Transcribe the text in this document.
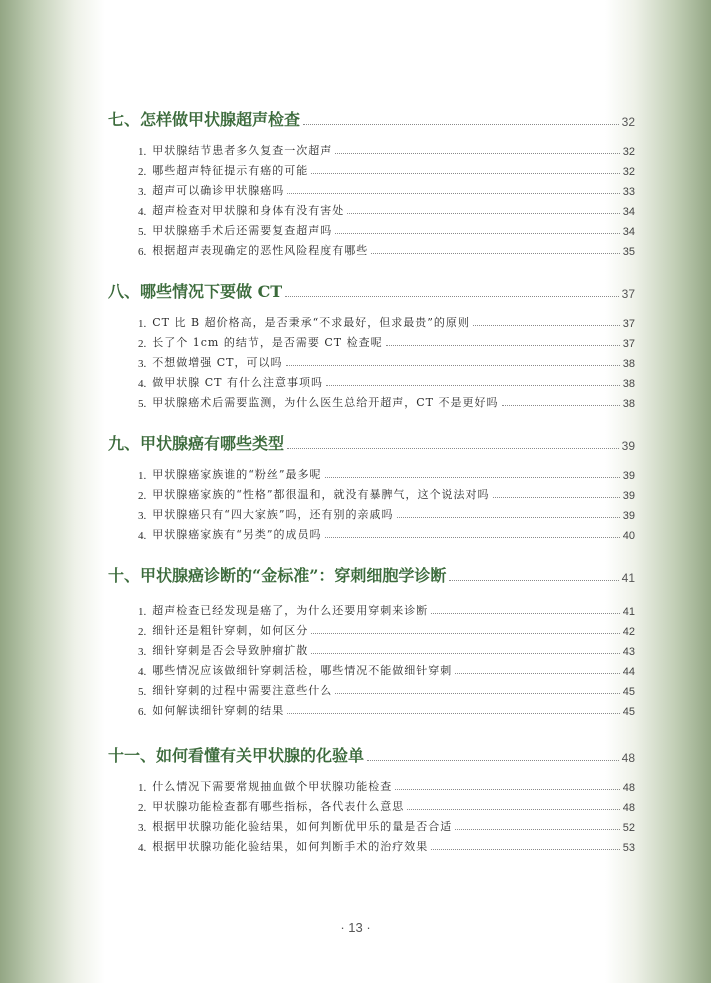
七、怎样做甲状腺超声检查	32
1. 甲状腺结节患者多久复查一次超声	32
2. 哪些超声特征提示有癌的可能	32
3. 超声可以确诊甲状腺癌吗	33
4. 超声检查对甲状腺和身体有没有害处	34
5. 甲状腺癌手术后还需要复查超声吗	34
6. 根据超声表现确定的恶性风险程度有哪些	35
八、哪些情况下要做 CT	37
1. CT 比 B 超价格高，是否秉承“不求最好，但求最贵”的原则	37
2. 长了个 1cm 的结节，是否需要 CT 检查呢	37
3. 不想做增强 CT，可以吗	38
4. 做甲状腺 CT 有什么注意事项吗	38
5. 甲状腺癌术后需要监测，为什么医生总给开超声，CT 不是更好吗	38
九、甲状腺癌有哪些类型	39
1. 甲状腺癌家族谁的“粉丝”最多呢	39
2. 甲状腺癌家族的“性格”都很温和，就没有暴脾气，这个说法对吗	39
3. 甲状腺癌只有“四大家族”吗，还有别的亲戚吗	39
4. 甲状腺癌家族有“另类”的成员吗	40
十、甲状腺癌诊断的“金标准”：穿刺细胞学诊断	41
1. 超声检查已经发现是癌了，为什么还要用穿刺来诊断	41
2. 细针还是粗针穿刺，如何区分	42
3. 细针穿刺是否会导致肿瘤扩散	43
4. 哪些情况应该做细针穿刺活检，哪些情况不能做细针穿刺	44
5. 细针穿刺的过程中需要注意些什么	45
6. 如何解读细针穿刺的结果	45
十一、如何看懂有关甲状腺的化验单	48
1. 什么情况下需要常规抽血做个甲状腺功能检查	48
2. 甲状腺功能检查都有哪些指标，各代表什么意思	48
3. 根据甲状腺功能化验结果，如何判断优甲乐的量是否合适	52
4. 根据甲状腺功能化验结果，如何判断手术的治疗效果	53
· 13 ·
